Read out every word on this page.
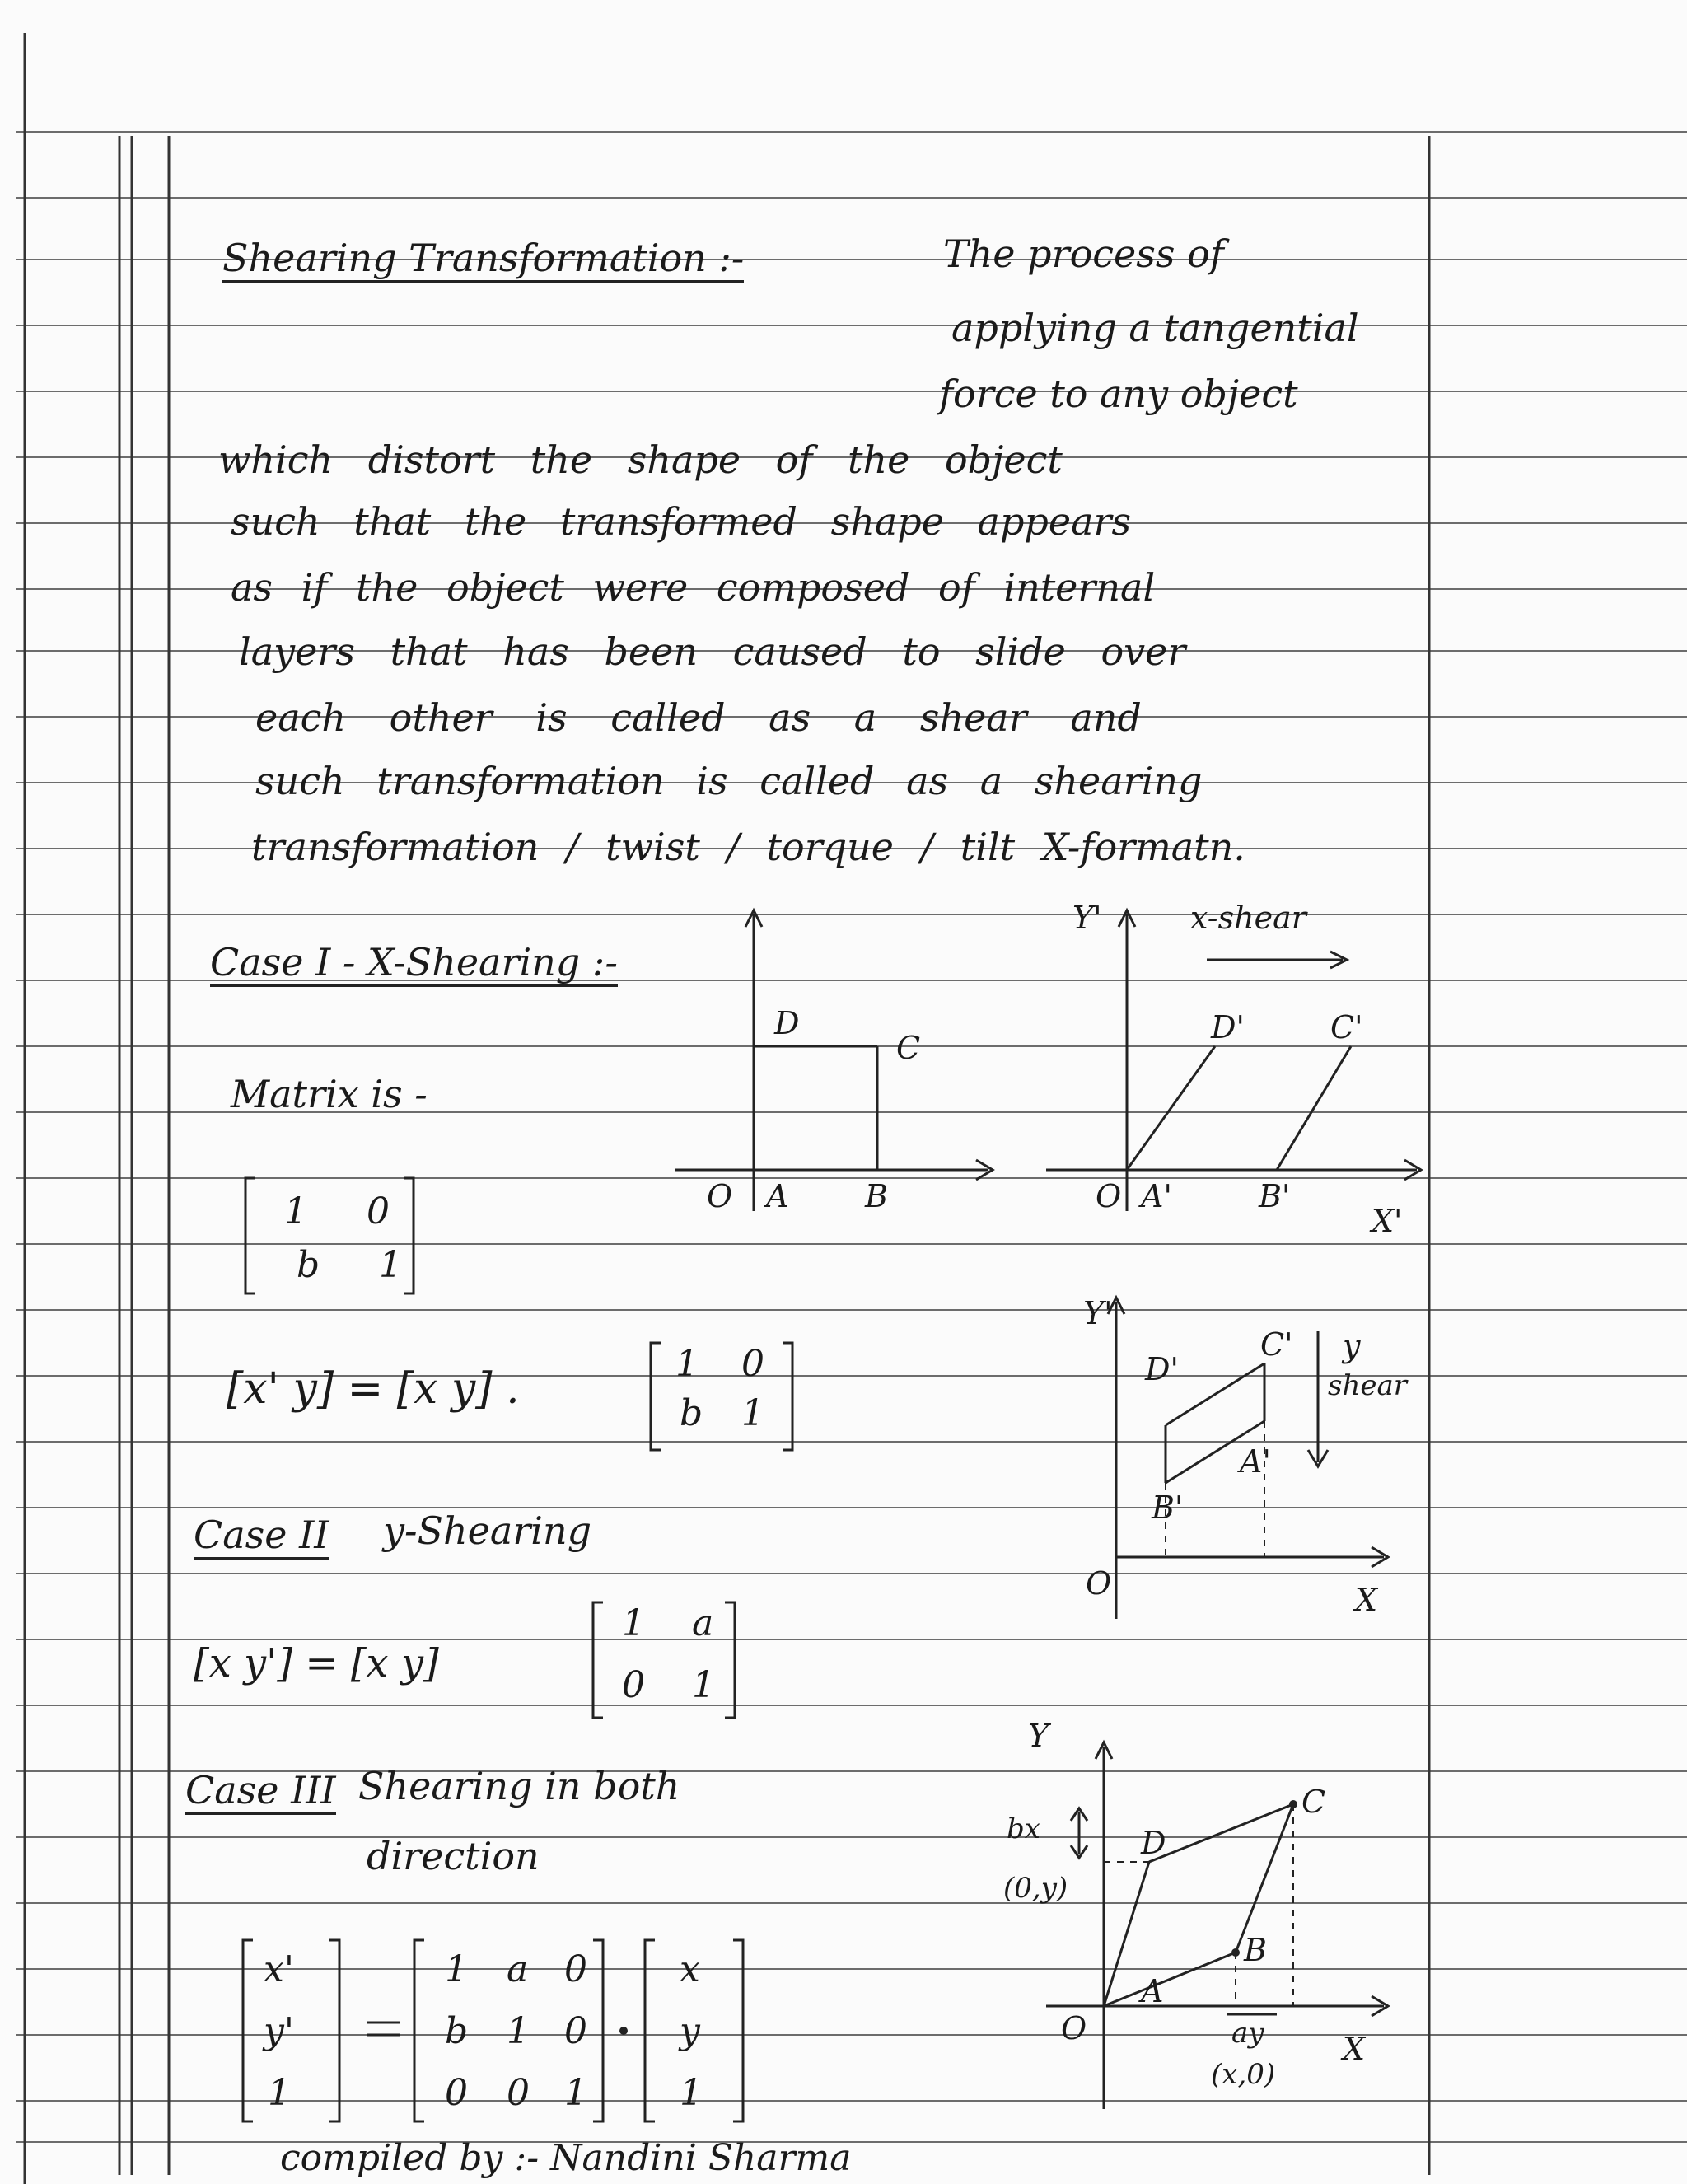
Shearing Transformation :-	The process of
applying a tangential
force to any object
which distort the shape of the object
such that the transformed shape appears
as if the object were composed of internal
layers that has been caused to slide over
each other is called as a shear and
such transformation is called as a shearing
transformation / twist / torque / tilt X-formatn.
Case I - X-Shearing :-
Matrix is -
1 0
b 1
[x' y] = [x y] .
1 0
b 1
Case II y-Shearing
[x y'] = [x y]
1 a
0 1
Case III Shearing in both
direction
x'
y'
1
1 a 0
b 1 0
0 0 1
x
y
1
O A B
C
D
Y'	x-shear
D'	C'
O A'	B'
X'
Y'
C' y
shear
D'
A'
B'
O	X
Y
C
bx	D
(0,y)
B
A
O	ay	X
(x,0)
compiled by :- Nandini Sharma
